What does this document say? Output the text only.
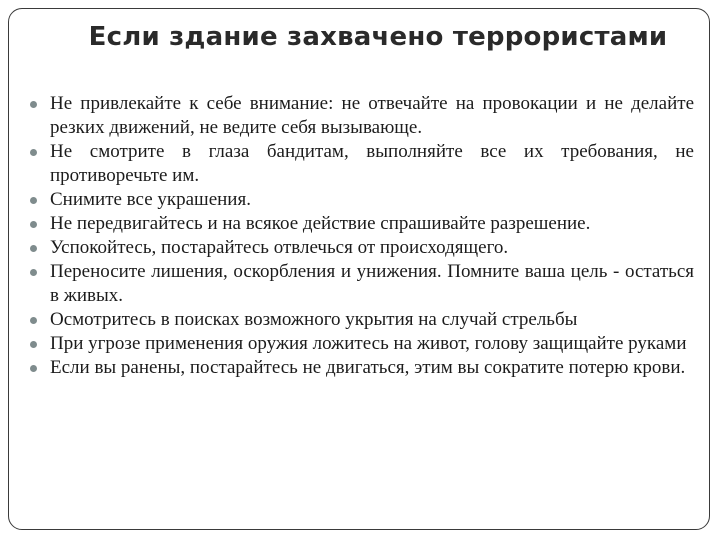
Если здание захвачено террористами
Не привлекайте к себе внимание: не отвечайте на провокации и не делайте резких движений, не ведите себя вызывающе.
Не смотрите в глаза бандитам, выполняйте все их требования, не противоречьте им.
Снимите все украшения.
Не передвигайтесь и на всякое действие спрашивайте разрешение.
Успокойтесь, постарайтесь отвлечься от происходящего.
Переносите лишения, оскорбления и унижения. Помните ваша цель - остаться в живых.
Осмотритесь в поисках возможного укрытия на случай стрельбы
При угрозе применения оружия ложитесь на живот, голову защищайте руками
Если вы ранены, постарайтесь не двигаться, этим вы сократите потерю крови.
